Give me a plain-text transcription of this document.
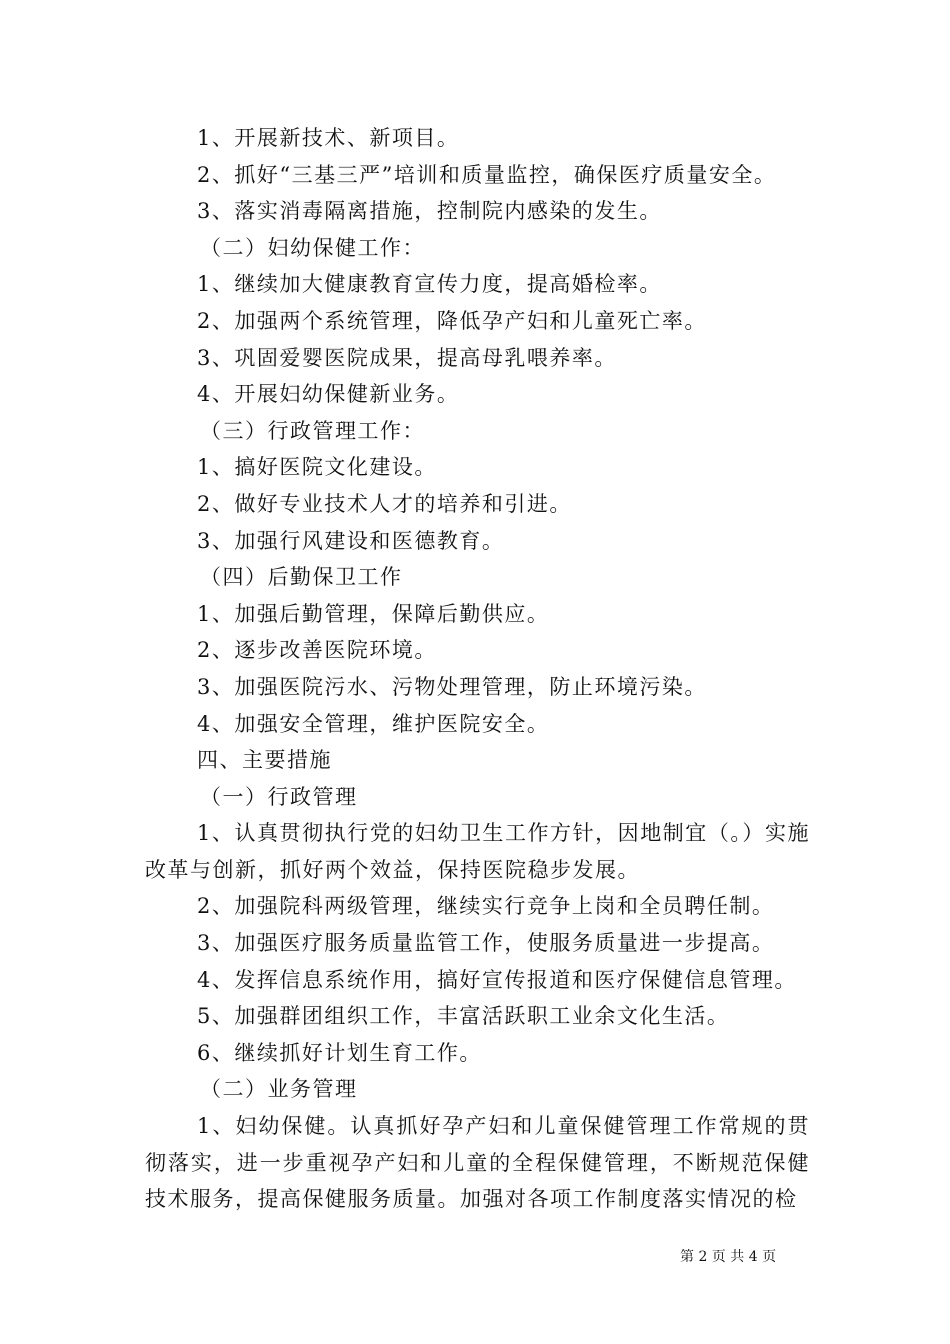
1、开展新技术、新项目。
2、抓好“三基三严”培训和质量监控，确保医疗质量安全。
3、落实消毒隔离措施，控制院内感染的发生。
（二）妇幼保健工作：
1、继续加大健康教育宣传力度，提高婚检率。
2、加强两个系统管理，降低孕产妇和儿童死亡率。
3、巩固爱婴医院成果，提高母乳喂养率。
4、开展妇幼保健新业务。
（三）行政管理工作：
1、搞好医院文化建设。
2、做好专业技术人才的培养和引进。
3、加强行风建设和医德教育。
（四）后勤保卫工作
1、加强后勤管理，保障后勤供应。
2、逐步改善医院环境。
3、加强医院污水、污物处理管理，防止环境污染。
4、加强安全管理，维护医院安全。
四、主要措施
（一）行政管理
1、认真贯彻执行党的妇幼卫生工作方针，因地制宜（。）实施改革与创新，抓好两个效益，保持医院稳步发展。
2、加强院科两级管理，继续实行竞争上岗和全员聘任制。
3、加强医疗服务质量监管工作，使服务质量进一步提高。
4、发挥信息系统作用，搞好宣传报道和医疗保健信息管理。
5、加强群团组织工作，丰富活跃职工业余文化生活。
6、继续抓好计划生育工作。
（二）业务管理
1、妇幼保健。认真抓好孕产妇和儿童保健管理工作常规的贯彻落实，进一步重视孕产妇和儿童的全程保健管理，不断规范保健技术服务，提高保健服务质量。加强对各项工作制度落实情况的检
第 2 页 共 4 页
